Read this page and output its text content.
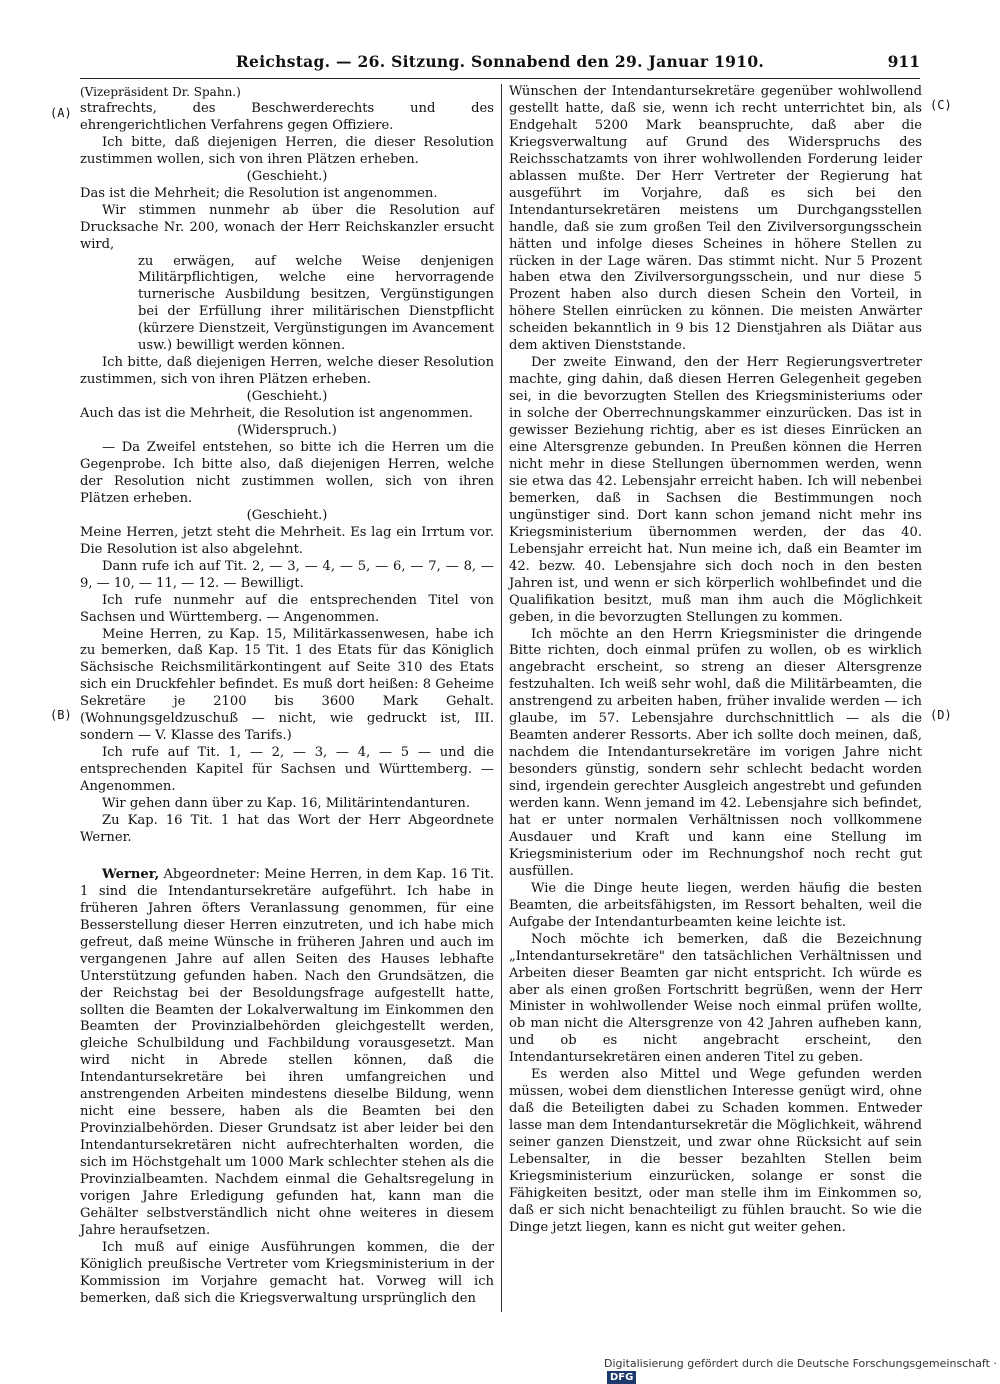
Reichstag. — 26. Sitzung. Sonnabend den 29. Januar 1910.	911
(A)
(B)
(C)
(D)

(Vizepräsident Dr. Spahn.)

strafrechts, des Beschwerderechts und des ehrengerichtlichen Verfahrens gegen Offiziere.

Ich bitte, daß diejenigen Herren, die dieser Resolution zustimmen wollen, sich von ihren Plätzen erheben.

(Geschieht.)

Das ist die Mehrheit; die Resolution ist angenommen.

Wir stimmen nunmehr ab über die Resolution auf Drucksache Nr. 200, wonach der Herr Reichskanzler ersucht wird,

zu erwägen, auf welche Weise denjenigen Militärpflichtigen, welche eine hervorragende turnerische Ausbildung besitzen, Vergünstigungen bei der Erfüllung ihrer militärischen Dienstpflicht (kürzere Dienstzeit, Vergünstigungen im Avancement usw.) bewilligt werden können.

Ich bitte, daß diejenigen Herren, welche dieser Resolution zustimmen, sich von ihren Plätzen erheben.

(Geschieht.)

Auch das ist die Mehrheit, die Resolution ist angenommen.

(Widerspruch.)

— Da Zweifel entstehen, so bitte ich die Herren um die Gegenprobe. Ich bitte also, daß diejenigen Herren, welche der Resolution nicht zustimmen wollen, sich von ihren Plätzen erheben.

(Geschieht.)

Meine Herren, jetzt steht die Mehrheit. Es lag ein Irrtum vor. Die Resolution ist also abgelehnt.

Dann rufe ich auf Tit. 2, — 3, — 4, — 5, — 6, — 7, — 8, — 9, — 10, — 11, — 12. — Bewilligt.

Ich rufe nunmehr auf die entsprechenden Titel von Sachsen und Württemberg. — Angenommen.

Meine Herren, zu Kap. 15, Militärkassenwesen, habe ich zu bemerken, daß Kap. 15 Tit. 1 des Etats für das Königlich Sächsische Reichsmilitärkontingent auf Seite 310 des Etats sich ein Druckfehler befindet. Es muß dort heißen: 8 Geheime Sekretäre je 2100 bis 3600 Mark Gehalt. (Wohnungsgeldzuschuß — nicht, wie gedruckt ist, III. sondern — V. Klasse des Tarifs.)

Ich rufe auf Tit. 1, — 2, — 3, — 4, — 5 — und die entsprechenden Kapitel für Sachsen und Württemberg. — Angenommen.

Wir gehen dann über zu Kap. 16, Militärintendanturen.

Zu Kap. 16 Tit. 1 hat das Wort der Herr Abgeordnete Werner.

Werner, Abgeordneter: Meine Herren, in dem Kap. 16 Tit. 1 sind die Intendantursekretäre aufgeführt. Ich habe in früheren Jahren öfters Veranlassung genommen, für eine Besserstellung dieser Herren einzutreten, und ich habe mich gefreut, daß meine Wünsche in früheren Jahren und auch im vergangenen Jahre auf allen Seiten des Hauses lebhafte Unterstützung gefunden haben. Nach den Grundsätzen, die der Reichstag bei der Besoldungsfrage aufgestellt hatte, sollten die Beamten der Lokalverwaltung im Einkommen den Beamten der Provinzialbehörden gleichgestellt werden, gleiche Schulbildung und Fachbildung vorausgesetzt. Man wird nicht in Abrede stellen können, daß die Intendantursekretäre bei ihren umfangreichen und anstrengenden Arbeiten mindestens dieselbe Bildung, wenn nicht eine bessere, haben als die Beamten bei den Provinzialbehörden. Dieser Grundsatz ist aber leider bei den Intendantursekretären nicht aufrechterhalten worden, die sich im Höchstgehalt um 1000 Mark schlechter stehen als die Provinzialbeamten. Nachdem einmal die Gehaltsregelung in vorigen Jahre Erledigung gefunden hat, kann man die Gehälter selbstverständlich nicht ohne weiteres in diesem Jahre heraufsetzen.

Ich muß auf einige Ausführungen kommen, die der Königlich preußische Vertreter vom Kriegsministerium in der Kommission im Vorjahre gemacht hat. Vorweg will ich bemerken, daß sich die Kriegsverwaltung ursprünglich den

Wünschen der Intendantursekretäre gegenüber wohlwollend gestellt hatte, daß sie, wenn ich recht unterrichtet bin, als Endgehalt 5200 Mark beanspruchte, daß aber die Kriegsverwaltung auf Grund des Widerspruchs des Reichsschatzamts von ihrer wohlwollenden Forderung leider ablassen mußte. Der Herr Vertreter der Regierung hat ausgeführt im Vorjahre, daß es sich bei den Intendantursekretären meistens um Durchgangsstellen handle, daß sie zum großen Teil den Zivilversorgungsschein hätten und infolge dieses Scheines in höhere Stellen zu rücken in der Lage wären. Das stimmt nicht. Nur 5 Prozent haben etwa den Zivilversorgungsschein, und nur diese 5 Prozent haben also durch diesen Schein den Vorteil, in höhere Stellen einrücken zu können. Die meisten Anwärter scheiden bekanntlich in 9 bis 12 Dienstjahren als Diätar aus dem aktiven Dienststande.

Der zweite Einwand, den der Herr Regierungsvertreter machte, ging dahin, daß diesen Herren Gelegenheit gegeben sei, in die bevorzugten Stellen des Kriegsministeriums oder in solche der Oberrechnungskammer einzurücken. Das ist in gewisser Beziehung richtig, aber es ist dieses Einrücken an eine Altersgrenze gebunden. In Preußen können die Herren nicht mehr in diese Stellungen übernommen werden, wenn sie etwa das 42. Lebensjahr erreicht haben. Ich will nebenbei bemerken, daß in Sachsen die Bestimmungen noch ungünstiger sind. Dort kann schon jemand nicht mehr ins Kriegsministerium übernommen werden, der das 40. Lebensjahr erreicht hat. Nun meine ich, daß ein Beamter im 42. bezw. 40. Lebensjahre sich doch noch in den besten Jahren ist, und wenn er sich körperlich wohlbefindet und die Qualifikation besitzt, muß man ihm auch die Möglichkeit geben, in die bevorzugten Stellungen zu kommen.

Ich möchte an den Herrn Kriegsminister die dringende Bitte richten, doch einmal prüfen zu wollen, ob es wirklich angebracht erscheint, so streng an dieser Altersgrenze festzuhalten. Ich weiß sehr wohl, daß die Militärbeamten, die anstrengend zu arbeiten haben, früher invalide werden — ich glaube, im 57. Lebensjahre durchschnittlich — als die Beamten anderer Ressorts. Aber ich sollte doch meinen, daß, nachdem die Intendantursekretäre im vorigen Jahre nicht besonders günstig, sondern sehr schlecht bedacht worden sind, irgendein gerechter Ausgleich angestrebt und gefunden werden kann. Wenn jemand im 42. Lebensjahre sich befindet, hat er unter normalen Verhältnissen noch vollkommene Ausdauer und Kraft und kann eine Stellung im Kriegsministerium oder im Rechnungshof noch recht gut ausfüllen.

Wie die Dinge heute liegen, werden häufig die besten Beamten, die arbeitsfähigsten, im Ressort behalten, weil die Aufgabe der Intendanturbeamten keine leichte ist.

Noch möchte ich bemerken, daß die Bezeichnung „Intendantursekretäre" den tatsächlichen Verhältnissen und Arbeiten dieser Beamten gar nicht entspricht. Ich würde es aber als einen großen Fortschritt begrüßen, wenn der Herr Minister in wohlwollender Weise noch einmal prüfen wollte, ob man nicht die Altersgrenze von 42 Jahren aufheben kann, und ob es nicht angebracht erscheint, den Intendantursekretären einen anderen Titel zu geben.

Es werden also Mittel und Wege gefunden werden müssen, wobei dem dienstlichen Interesse genügt wird, ohne daß die Beteiligten dabei zu Schaden kommen. Entweder lasse man dem Intendantursekretär die Möglichkeit, während seiner ganzen Dienstzeit, und zwar ohne Rücksicht auf sein Lebensalter, in die besser bezahlten Stellen beim Kriegsministerium einzurücken, solange er sonst die Fähigkeiten besitzt, oder man stelle ihm im Einkommen so, daß er sich nicht benachteiligt zu fühlen braucht. So wie die Dinge jetzt liegen, kann es nicht gut weiter gehen.

Digitalisierung gefördert durch die Deutsche Forschungsgemeinschaft ·DFG
